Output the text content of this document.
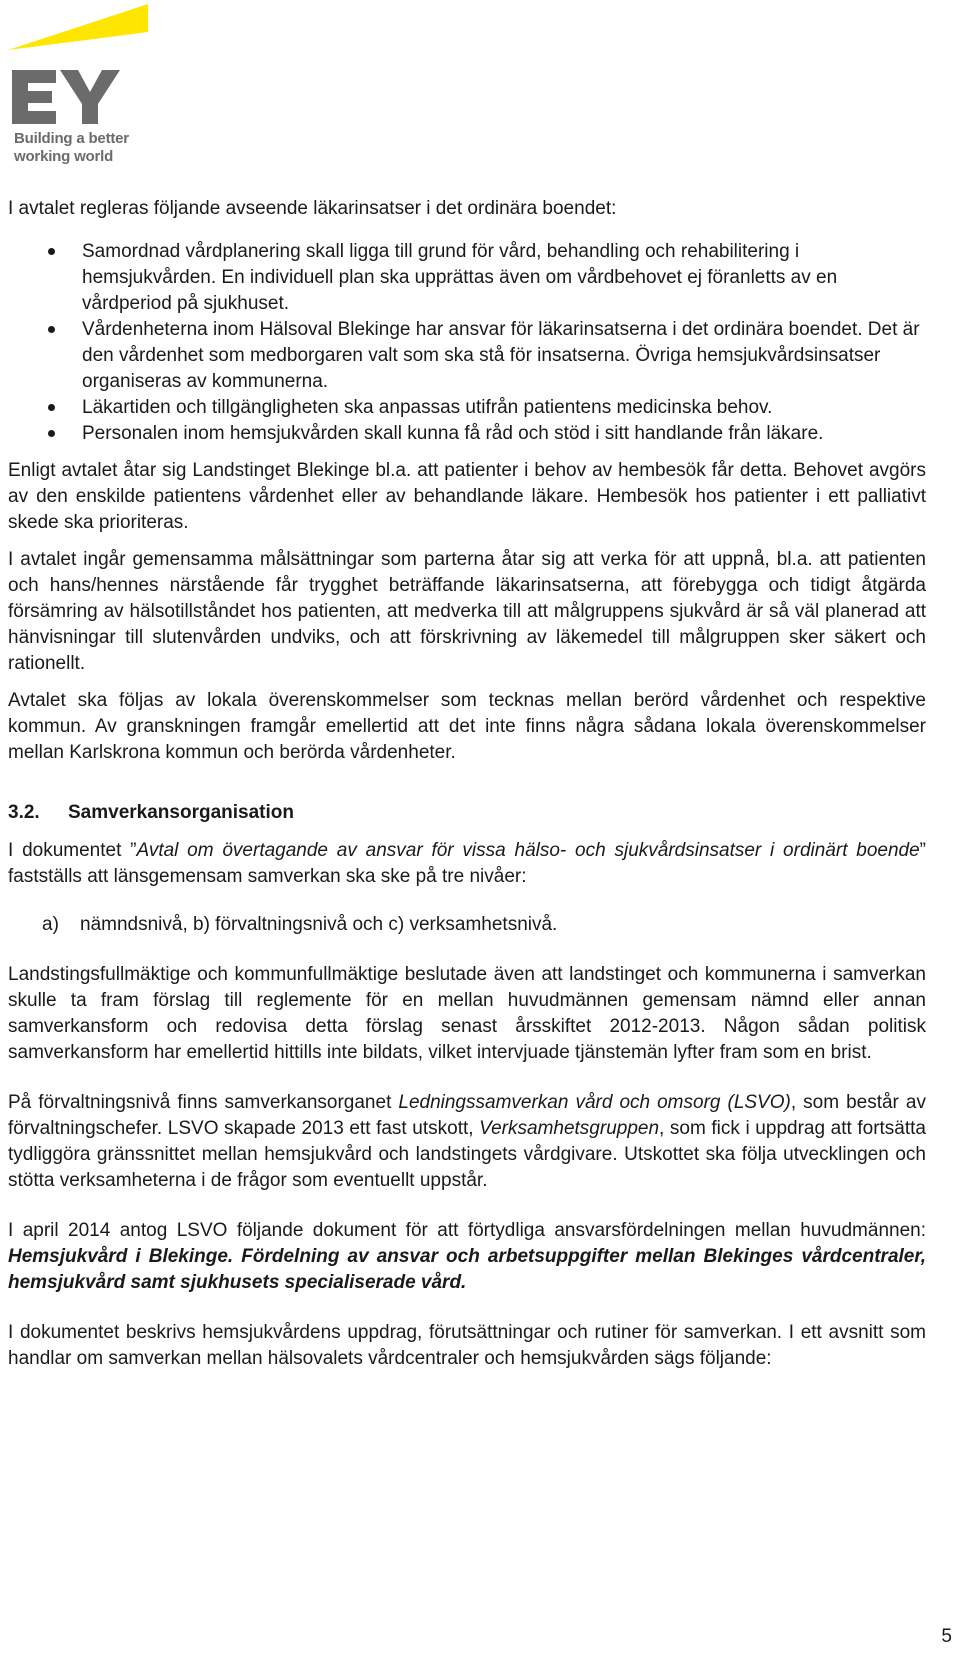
Building a better
working world

I avtalet regleras följande avseende läkarinsatser i det ordinära boendet:

Samordnad vårdplanering skall ligga till grund för vård, behandling och rehabilitering i hemsjukvården. En individuell plan ska upprättas även om vårdbehovet ej föranletts av en vårdperiod på sjukhuset.
Vårdenheterna inom Hälsoval Blekinge har ansvar för läkarinsatserna i det ordinära boendet. Det är den vårdenhet som medborgaren valt som ska stå för insatserna. Övriga hemsjukvårdsinsatser organiseras av kommunerna.
Läkartiden och tillgängligheten ska anpassas utifrån patientens medicinska behov.
Personalen inom hemsjukvården skall kunna få råd och stöd i sitt handlande från läkare.

Enligt avtalet åtar sig Landstinget Blekinge bl.a. att patienter i behov av hembesök får detta. Behovet avgörs av den enskilde patientens vårdenhet eller av behandlande läkare. Hembesök hos patienter i ett palliativt skede ska prioriteras.

I avtalet ingår gemensamma målsättningar som parterna åtar sig att verka för att uppnå, bl.a. att patienten och hans/hennes närstående får trygghet beträffande läkarinsatserna, att förebygga och tidigt åtgärda försämring av hälsotillståndet hos patienten, att medverka till att målgruppens sjukvård är så väl planerad att hänvisningar till slutenvården undviks, och att förskrivning av läkemedel till målgruppen sker säkert och rationellt.

Avtalet ska följas av lokala överenskommelser som tecknas mellan berörd vårdenhet och respektive kommun. Av granskningen framgår emellertid att det inte finns några sådana lokala överenskommelser mellan Karlskrona kommun och berörda vårdenheter.

3.2. Samverkansorganisation

I dokumentet ”Avtal om övertagande av ansvar för vissa hälso- och sjukvårdsinsatser i ordinärt boende” fastställs att länsgemensam samverkan ska ske på tre nivåer:

a) nämndsnivå, b) förvaltningsnivå och c) verksamhetsnivå.

Landstingsfullmäktige och kommunfullmäktige beslutade även att landstinget och kommunerna i samverkan skulle ta fram förslag till reglemente för en mellan huvudmännen gemensam nämnd eller annan samverkansform och redovisa detta förslag senast årsskiftet 2012-2013. Någon sådan politisk samverkansform har emellertid hittills inte bildats, vilket intervjuade tjänstemän lyfter fram som en brist.

På förvaltningsnivå finns samverkansorganet Ledningssamverkan vård och omsorg (LSVO), som består av förvaltningschefer. LSVO skapade 2013 ett fast utskott, Verksamhetsgruppen, som fick i uppdrag att fortsätta tydliggöra gränssnittet mellan hemsjukvård och landstingets vårdgivare. Utskottet ska följa utvecklingen och stötta verksamheterna i de frågor som eventuellt uppstår.

I april 2014 antog LSVO följande dokument för att förtydliga ansvarsfördelningen mellan huvudmännen: Hemsjukvård i Blekinge. Fördelning av ansvar och arbetsuppgifter mellan Blekinges vårdcentraler, hemsjukvård samt sjukhusets specialiserade vård.

I dokumentet beskrivs hemsjukvårdens uppdrag, förutsättningar och rutiner för samverkan. I ett avsnitt som handlar om samverkan mellan hälsovalets vårdcentraler och hemsjukvården sägs följande:

5
